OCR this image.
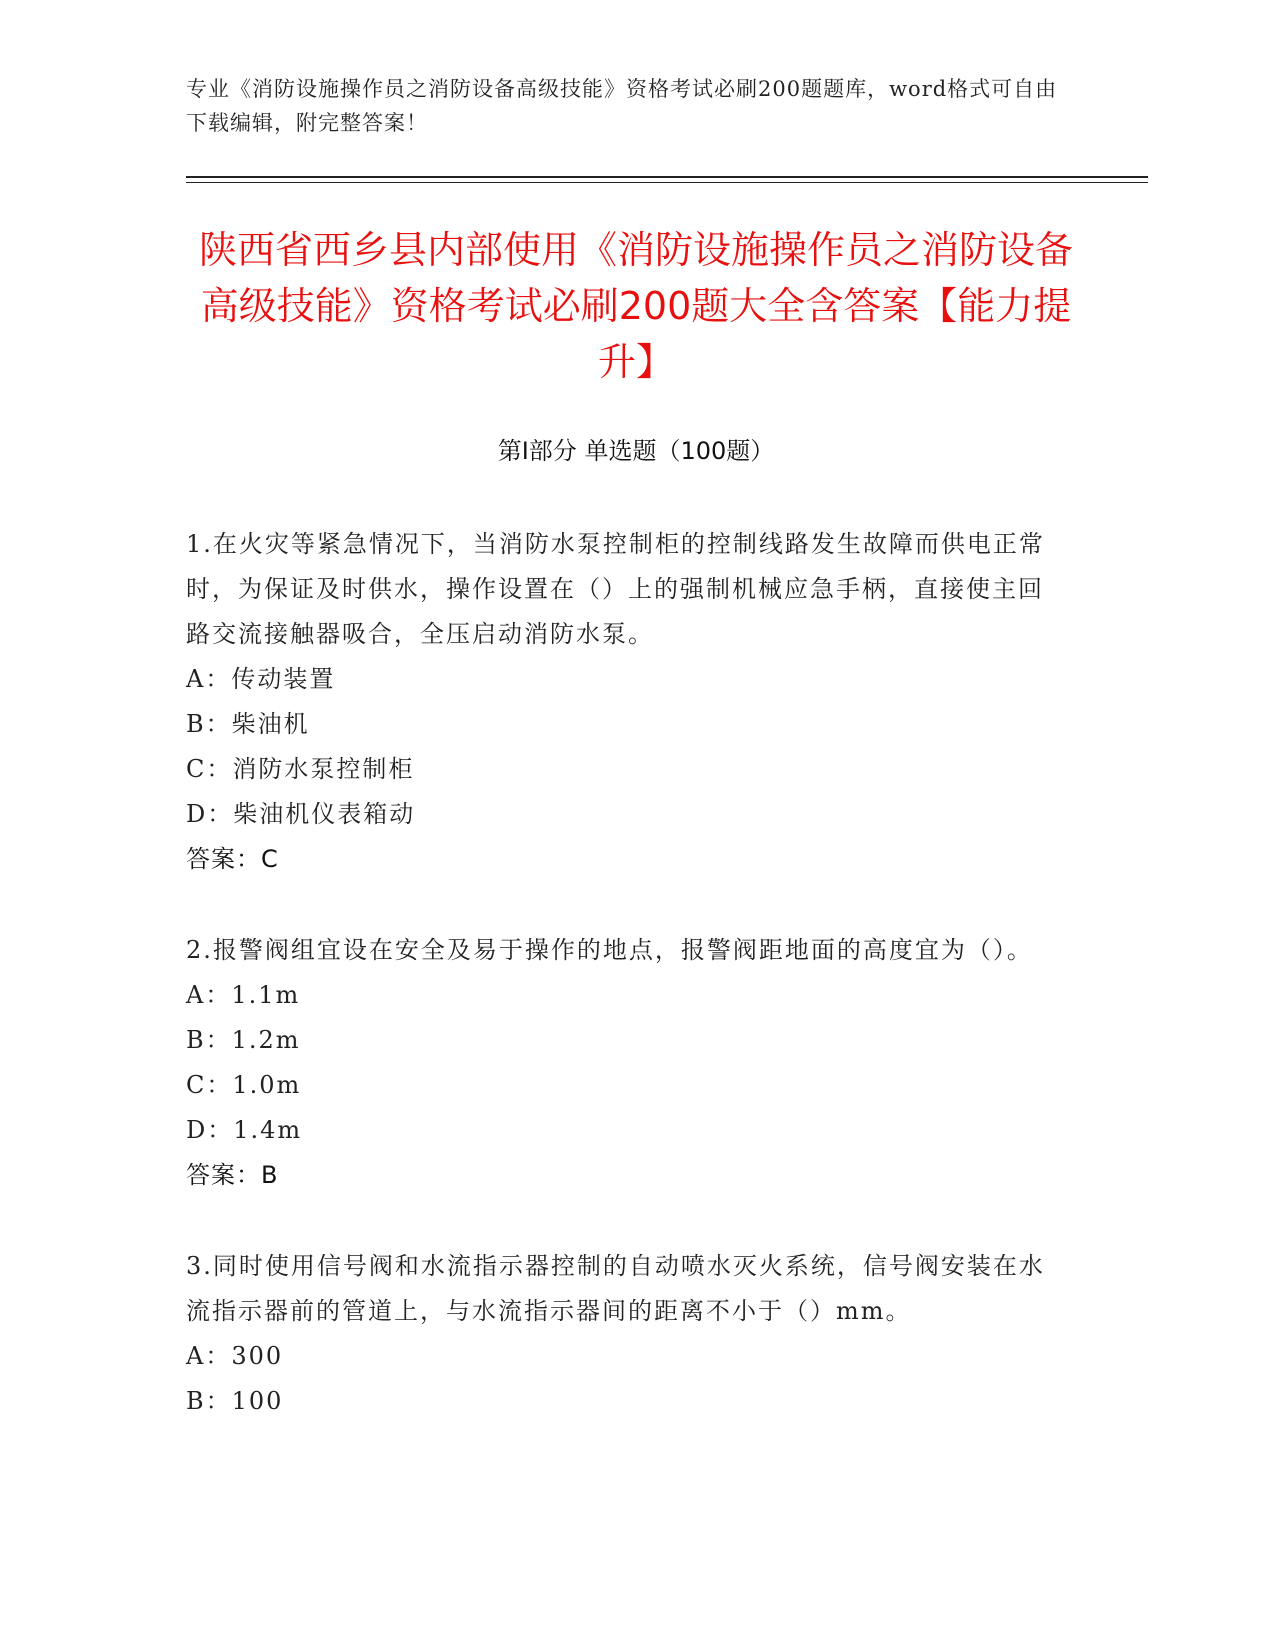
专业《消防设施操作员之消防设备高级技能》资格考试必刷200题题库，word格式可自由下载编辑，附完整答案！
陕西省西乡县内部使用《消防设施操作员之消防设备高级技能》资格考试必刷200题大全含答案【能力提升】
第I部分 单选题（100题）
1.在火灾等紧急情况下，当消防水泵控制柜的控制线路发生故障而供电正常时，为保证及时供水，操作设置在（）上的强制机械应急手柄，直接使主回路交流接触器吸合，全压启动消防水泵。
A：传动装置
B：柴油机
C：消防水泵控制柜
D：柴油机仪表箱动
答案：C
2.报警阀组宜设在安全及易于操作的地点，报警阀距地面的高度宜为（）。
A：1.1m
B：1.2m
C：1.0m
D：1.4m
答案：B
3.同时使用信号阀和水流指示器控制的自动喷水灭火系统，信号阀安装在水流指示器前的管道上，与水流指示器间的距离不小于（）mm。
A：300
B：100
